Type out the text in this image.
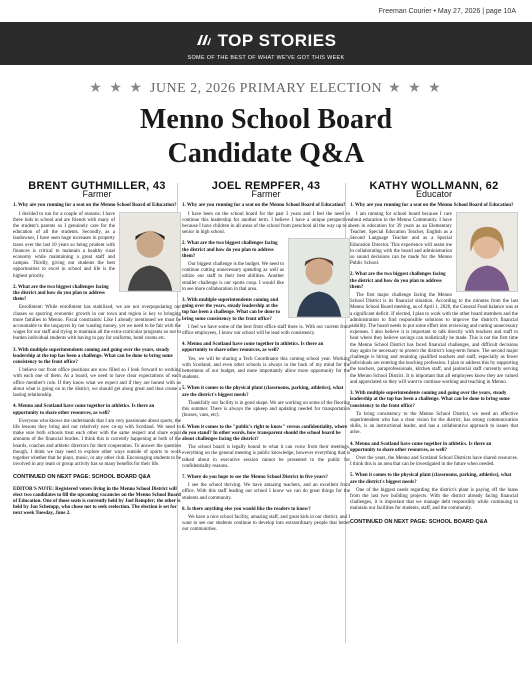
Freeman Courier • May 27, 2026 | page 10A
TOP STORIES
SOME OF THE BEST OF WHAT WE'VE GOT THIS WEEK
★ ★ ★ JUNE 2, 2026 PRIMARY ELECTION ★ ★ ★
Menno School Board
Candidate Q&A
BRENT GUTHMILLER, 43
Farmer
1. Why are you running for a seat on the Menno School Board of Education?
I decided to run for a couple of reasons: I have three kids in school and are friends with many of the student's parents so I genuinely care for the education of all the students. Secondly, as a landowner, I have seen huge increases in property taxes over the last 10 years so being prudent with finances is critical to maintain a healthy rural economy while maintaining a great staff and campus. Thirdly, giving our students the best opportunities to excel in school and life is the highest priority.
2. What are the two biggest challenges facing the district and how do you plan to address them?
Enrollment: While enrollment has stabilized, we are not overpopulating our classes so spurring economic growth in our town and region is key to bringing more families to Menno. Fiscal constraints: Like I already mentioned we must be accountable to the taxpayers by not wasting money, yet we need to be fair with the wages for our staff and trying to maintain all the extra-curricular programs so not to burden individual students with having to pay for uniforms, hotel rooms etc.
3. With multiple superintendents coming and going over the years, steady leadership at the top has been a challenge. What can be done to bring some consistency to the front office?
I believe our front office positions are now filled so I look forward to working with each one of them. As a board, we need to have clear expectations of each office member's role. If they know what we expect and if they are honest with us about what is going on in the district, we should get along great and thus create a lasting relationship.
4. Menno and Scotland have come together in athletics. Is there an opportunity to share other resources, as well?
Everyone who knows me understands that I am very passionate about sports, the life lessons they bring and our relatively new co-op with Scotland. We need to make sure both schools treat each other with the same respect and share equal amounts of the financial burden. I think this is currently happening at both of the boards, coaches and athletic directors for their cooperation. To answer the question though, I think we may need to explore other ways outside of sports to work together whether that be plays, music, or any other club. Encouraging students to be involved in any team or group activity has so many benefits for their life.
CONTINUED ON NEXT PAGE: SCHOOL BOARD Q&A
EDITOR'S NOTE: Registered voters living in the Menno School District will elect two candidates to fill the upcoming vacancies on the Menno School Board of Education. One of those seats is currently held by Joel Rempfer; the other is held by Jon Schempp, who chose not to seek reelection. The election is set for next week Tuesday, June 2.
JOEL REMPFER, 43
Farmer
1. Why are you running for a seat on the Menno School Board of Education?
I have been on the school board for the past 3 years and I feel the need to continue this leadership for another term. I believe I have a unique perspective because I have children in all areas of the school from preschool all the way up to a senior in high school.
2. What are the two biggest challenges facing the district and how do you plan to address them?
Our biggest challenge is the budget. We need to continue cutting unnecessary spending as well as utilize our staff to their best abilities. Another smaller challenge is our sports coop. I would like to see more collaboration in that area.
3. With multiple superintendents coming and going over the years, steady leadership at the top has been a challenge. What can be done to bring some consistency to the front office?
I feel we have some of the best front office staff there is. With our current front office employees, I know our school will be lead with consistency.
4. Menno and Scotland have come together in athletics. Is there an opportunity to share other resources, as well?
Yes, we will be sharing a Tech Coordinator this coming school year. Working with Scotland, and even other schools is always in the back of my mind for the betterment of our budget, and more importantly allow more opportunity for the students.
5. When it comes to the physical plant (classrooms, parking, athletics), what are the district's biggest needs?
Thankfully our facility is in good shape. We are working on some of the flooring this summer. There is always the upkeep and updating needed for transportation (busses, vans, etc).
6. When it comes to the "public's right to know" versus confidentiality, where do you stand? In other words, how transparent should the school board be about challenges facing the district?
The school board is legally bound to what it can voice from their meetings, everything on the general meeting is public knowledge; however everything that is talked about in executive session cannot be presented to the public for confidentiality reasons.
7. Where do you hope to see the Menno School District in five years?
I see the school thriving. We have amazing teachers, and an excellent front office. With this staff leading our school I know we can do great things for the students and community.
8. Is there anything else you would like the readers to know?
We have a nice school facility, amazing staff, and great kids in our district, and I want to see our students continue to develop into extraordinary people that better our communities.
KATHY WOLLMANN, 62
Educator
1. Why are you running for a seat on the Menno School Board of Education?
I am running for school board because I care about education in the Menno Community. I have been in education for 39 years as an Elementary Teacher, Special Education Teacher, English as a Second Language Teacher and as a Special Education Director. This experience will assist me in collaborating with the board and administration so sound decisions can be made for the Menno Public School.
2. What are the two biggest challenges facing the district and how do you plan to address them?
The first major challenge facing the Menno School District is its financial situation. According to the minutes from the last Menno School Board meeting, as of April 1, 2026, the General Fund balance was at a significant deficit. If elected, I plan to work with the other board members and the administration to find responsible solutions to improve the district's financial stability. The board needs to put some effort into reviewing and cutting unnecessary expenses. I also believe it is important to talk directly with teachers and staff to hear where they believe savings can realistically be made. This is not the first time the Menno School District has faced financial challenges, and difficult decisions may again be necessary to protect the district's long-term future. The second major challenge is hiring and retaining qualified teachers and staff, especially as fewer individuals are entering the teaching profession. I plan to address this by supporting the teachers, paraprofessionals, kitchen staff, and janitorial staff currently serving the Menno School District. It is important that all employees know they are valued and appreciated so they will want to continue working and teaching in Menno.
3. With multiple superintendents coming and going over the years, steady leadership at the top has been a challenge. What can be done to bring some consistency to the front office?
To bring consistency to the Menno School District, we need an effective superintendent who has a clear vision for the district, has strong communication skills, is an instructional leader, and has a collaborative approach to issues that arise.
4. Menno and Scotland have come together in athletics. Is there an opportunity to share other resources, as well?
Over the years, the Menno and Scotland School Districts have shared resources. I think this is an area that can be investigated in the future when needed.
5. When it comes to the physical plant (classrooms, parking, athletics), what are the district's biggest needs?
One of the biggest needs regarding the district's plant is paying off the loans from the last two building projects. With the district already facing financial challenges, it is important that we manage debt responsibly while continuing to maintain our facilities for students, staff, and the community.
CONTINUED ON NEXT PAGE: SCHOOL BOARD Q&A
